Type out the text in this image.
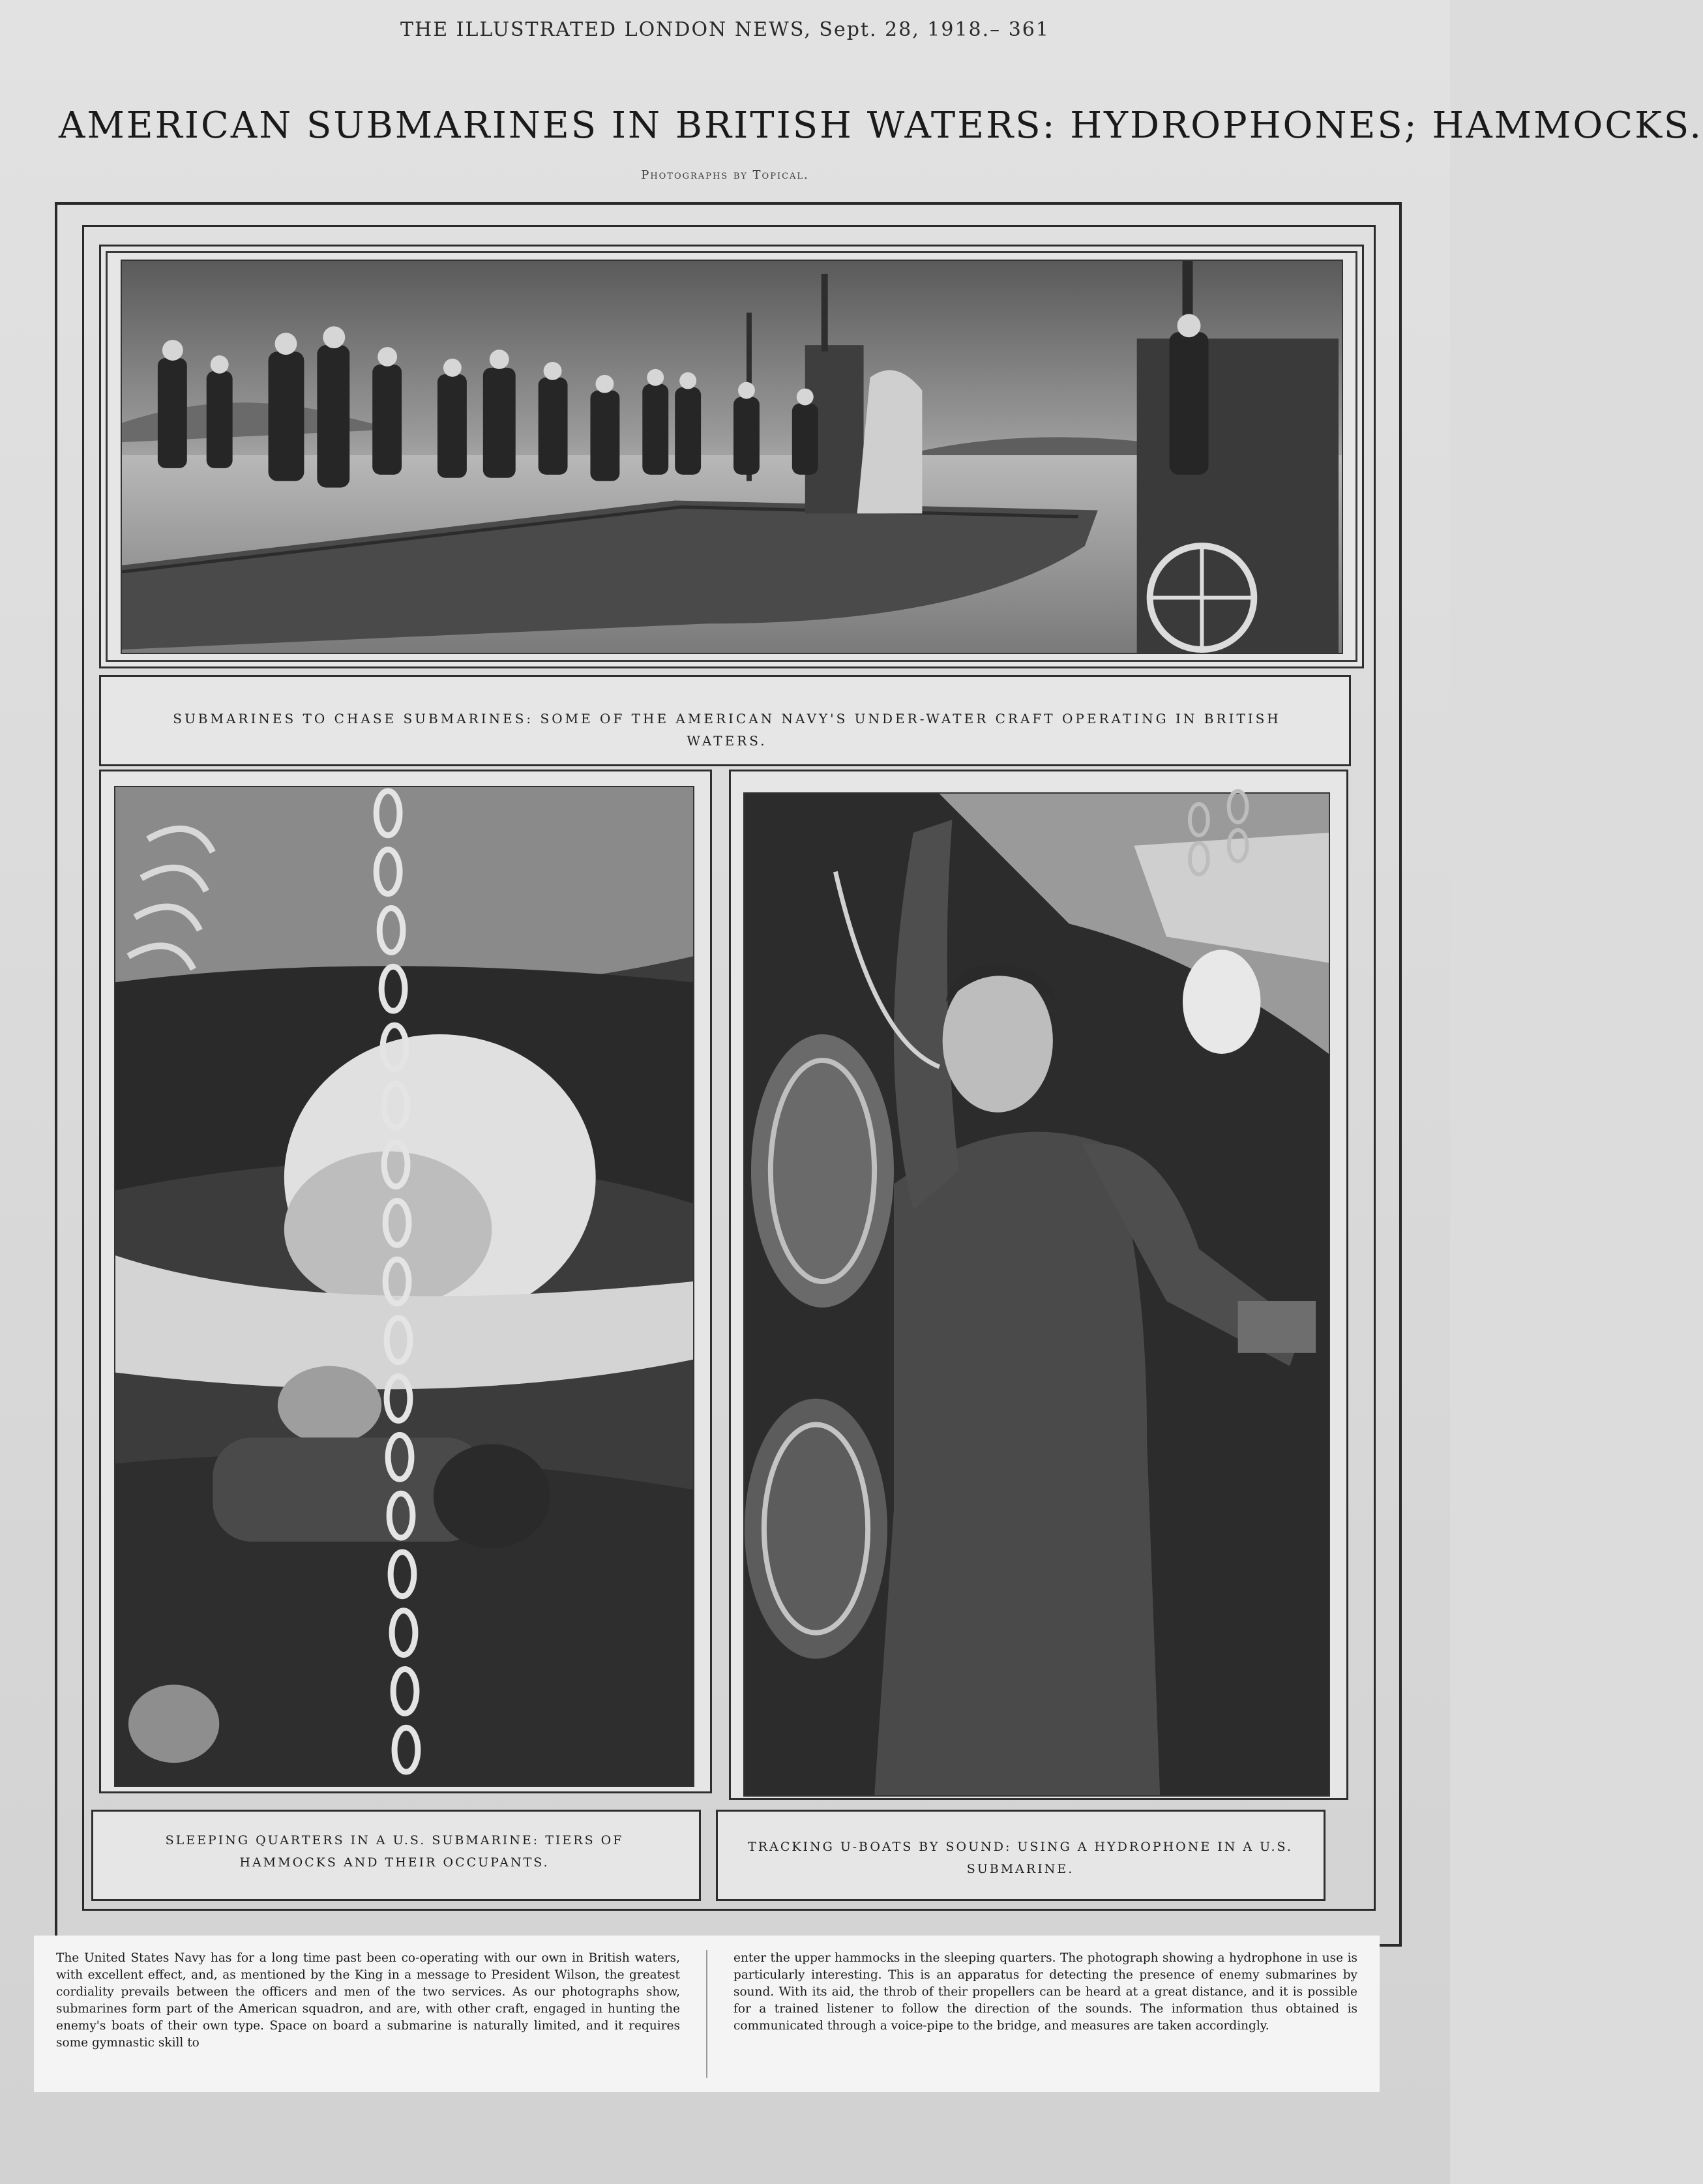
THE ILLUSTRATED LONDON NEWS, Sept. 28, 1918.– 361
AMERICAN SUBMARINES IN BRITISH WATERS: HYDROPHONES; HAMMOCKS.
Photographs by Topical.
SUBMARINES TO CHASE SUBMARINES: SOME OF THE AMERICAN NAVY'S UNDER-WATER CRAFT OPERATING IN BRITISH WATERS.
SLEEPING QUARTERS IN A U.S. SUBMARINE: TIERS OF HAMMOCKS AND THEIR OCCUPANTS.
TRACKING U-BOATS BY SOUND: USING A HYDROPHONE IN A U.S. SUBMARINE.

The United States Navy has for a long time past been co-operating with our own in British waters, with excellent effect, and, as mentioned by the King in a message to President Wilson, the greatest cordiality prevails between the officers and men of the two services. As our photographs show, submarines form part of the American squadron, and are, with other craft, engaged in hunting the enemy's boats of their own type. Space on board a submarine is naturally limited, and it requires some gymnastic skill to

enter the upper hammocks in the sleeping quarters. The photograph showing a hydrophone in use is particularly interesting. This is an apparatus for detecting the presence of enemy submarines by sound. With its aid, the throb of their propellers can be heard at a great distance, and it is possible for a trained listener to follow the direction of the sounds. The information thus obtained is communicated through a voice-pipe to the bridge, and measures are taken accordingly.
